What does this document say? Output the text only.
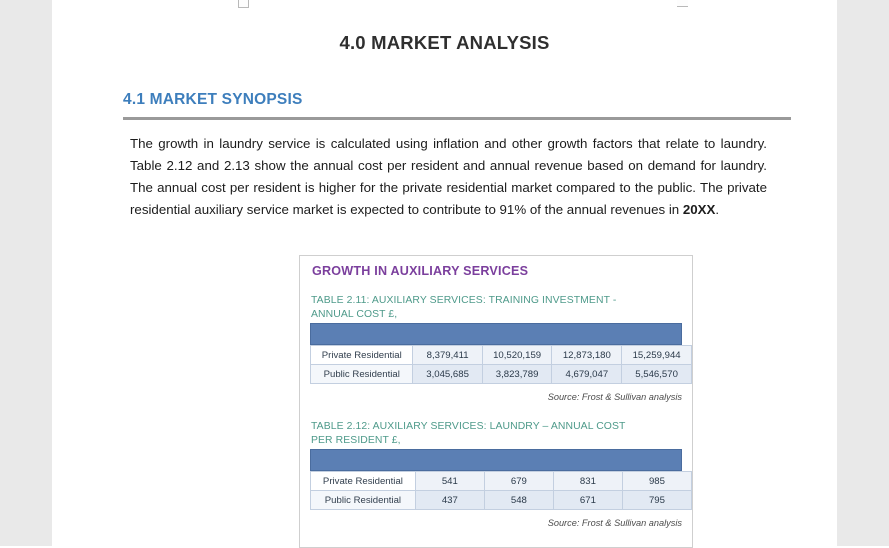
4.0 MARKET ANALYSIS
4.1 MARKET SYNOPSIS
The growth in laundry service is calculated using inflation and other growth factors that relate to laundry. Table 2.12 and 2.13 show the annual cost per resident and annual revenue based on demand for laundry. The annual cost per resident is higher for the private residential market compared to the public. The private residential auxiliary service market is expected to contribute to 91% of the annual revenues in 20XX.
GROWTH IN AUXILIARY SERVICES
TABLE 2.11: AUXILIARY SERVICES: TRAINING INVESTMENT - ANNUAL COST £,
Private Residential	8,379,411	10,520,159	12,873,180	15,259,944
Public Residential	3,045,685	3,823,789	4,679,047	5,546,570
Source: Frost & Sullivan analysis
TABLE 2.12: AUXILIARY SERVICES: LAUNDRY – ANNUAL COST PER RESIDENT £,
Private Residential	541	679	831	985
Public Residential	437	548	671	795
Source: Frost & Sullivan analysis
